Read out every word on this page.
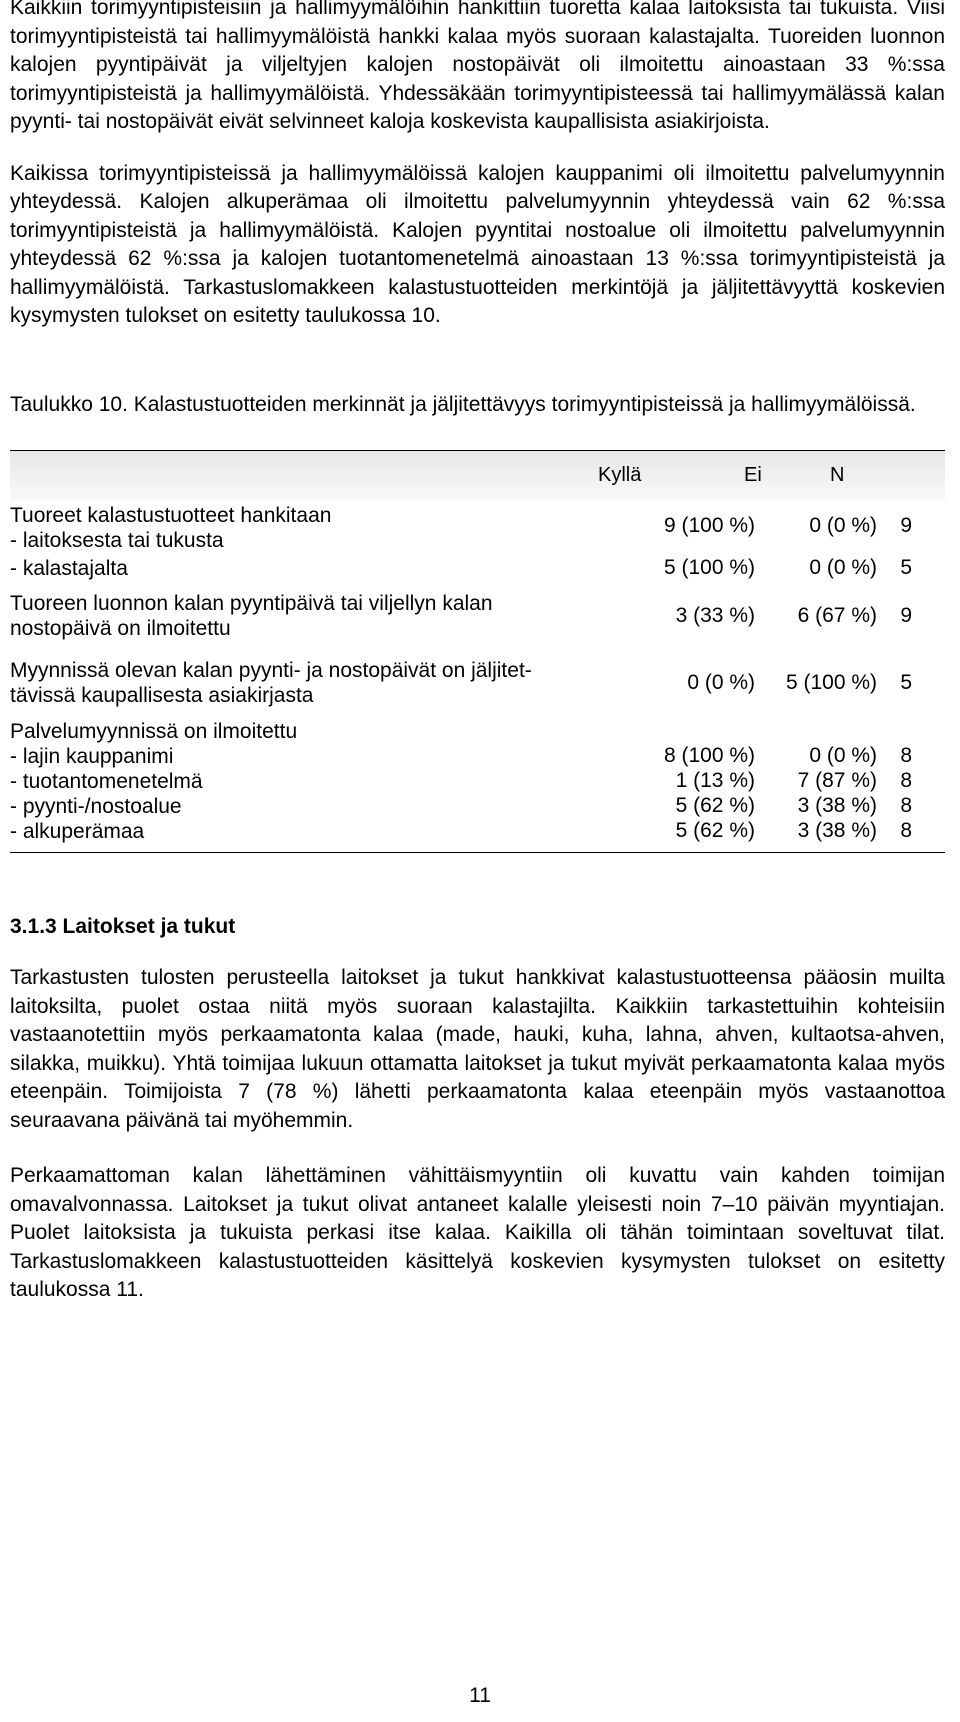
Kaikkiin torimyyntipisteisiin ja hallimyymälöihin hankittiin tuoretta kalaa laitoksista tai tukuista. Viisi torimyyntipisteistä tai hallimyymälöistä hankki kalaa myös suoraan kalastajalta. Tuoreiden luonnon kalojen pyyntipäivät ja viljeltyjen kalojen nostopäivät oli ilmoitettu ainoastaan 33 %:ssa torimyyntipisteistä ja hallimyymälöistä. Yhdessäkään torimyyntipisteessä tai hallimyymälässä kalan pyynti- tai nostopäivät eivät selvinneet kaloja koskevista kaupallisista asiakirjoista.

Kaikissa torimyyntipisteissä ja hallimyymälöissä kalojen kauppanimi oli ilmoitettu palvelumyynnin yhteydessä. Kalojen alkuperämaa oli ilmoitettu palvelumyynnin yhteydessä vain 62 %:ssa torimyyntipisteistä ja hallimyymälöistä. Kalojen pyyntitai nostoalue oli ilmoitettu palvelumyynnin yhteydessä 62 %:ssa ja kalojen tuotantomenetelmä ainoastaan 13 %:ssa torimyyntipisteistä ja hallimyymälöistä. Tarkastuslomakkeen kalastustuotteiden merkintöjä ja jäljitettävyyttä koskevien kysymysten tulokset on esitetty taulukossa 10.

Taulukko 10. Kalastustuotteiden merkinnät ja jäljitettävyys torimyyntipisteissä ja hallimyymälöissä.

Kyllä	Ei	N
Tuoreet kalastustuotteet hankitaan
- laitoksesta tai tukusta
9 (100 %)	0 (0 %) 9
- kalastajalta	5 (100 %)	0 (0 %) 5
Tuoreen luonnon kalan pyyntipäivä tai viljellyn kalan
nostopäivä on ilmoitettu
3 (33 %) 6 (67 %) 9
Myynnissä olevan kalan pyynti- ja nostopäivät on jäljitet-
tävissä kaupallisesta asiakirjasta
0 (0 %) 5 (100 %) 5
Palvelumyynnissä on ilmoitettu
- lajin kauppanimi	8 (100 %)	0 (0 %) 8
- tuotantomenetelmä	1 (13 %) 7 (87 %) 8
- pyynti-/nostoalue	5 (62 %) 3 (38 %) 8
- alkuperämaa	5 (62 %) 3 (38 %) 8

3.1.3 Laitokset ja tukut

Tarkastusten tulosten perusteella laitokset ja tukut hankkivat kalastustuotteensa pääosin muilta laitoksilta, puolet ostaa niitä myös suoraan kalastajilta. Kaikkiin tarkastettuihin kohteisiin vastaanotettiin myös perkaamatonta kalaa (made, hauki, kuha, lahna, ahven, kultaotsa-ahven, silakka, muikku). Yhtä toimijaa lukuun ottamatta laitokset ja tukut myivät perkaamatonta kalaa myös eteenpäin. Toimijoista 7 (78 %) lähetti perkaamatonta kalaa eteenpäin myös vastaanottoa seuraavana päivänä tai myöhemmin.

Perkaamattoman kalan lähettäminen vähittäismyyntiin oli kuvattu vain kahden toimijan omavalvonnassa. Laitokset ja tukut olivat antaneet kalalle yleisesti noin 7–10 päivän myyntiajan. Puolet laitoksista ja tukuista perkasi itse kalaa. Kaikilla oli tähän toimintaan soveltuvat tilat. Tarkastuslomakkeen kalastustuotteiden käsittelyä koskevien kysymysten tulokset on esitetty taulukossa 11.

11
